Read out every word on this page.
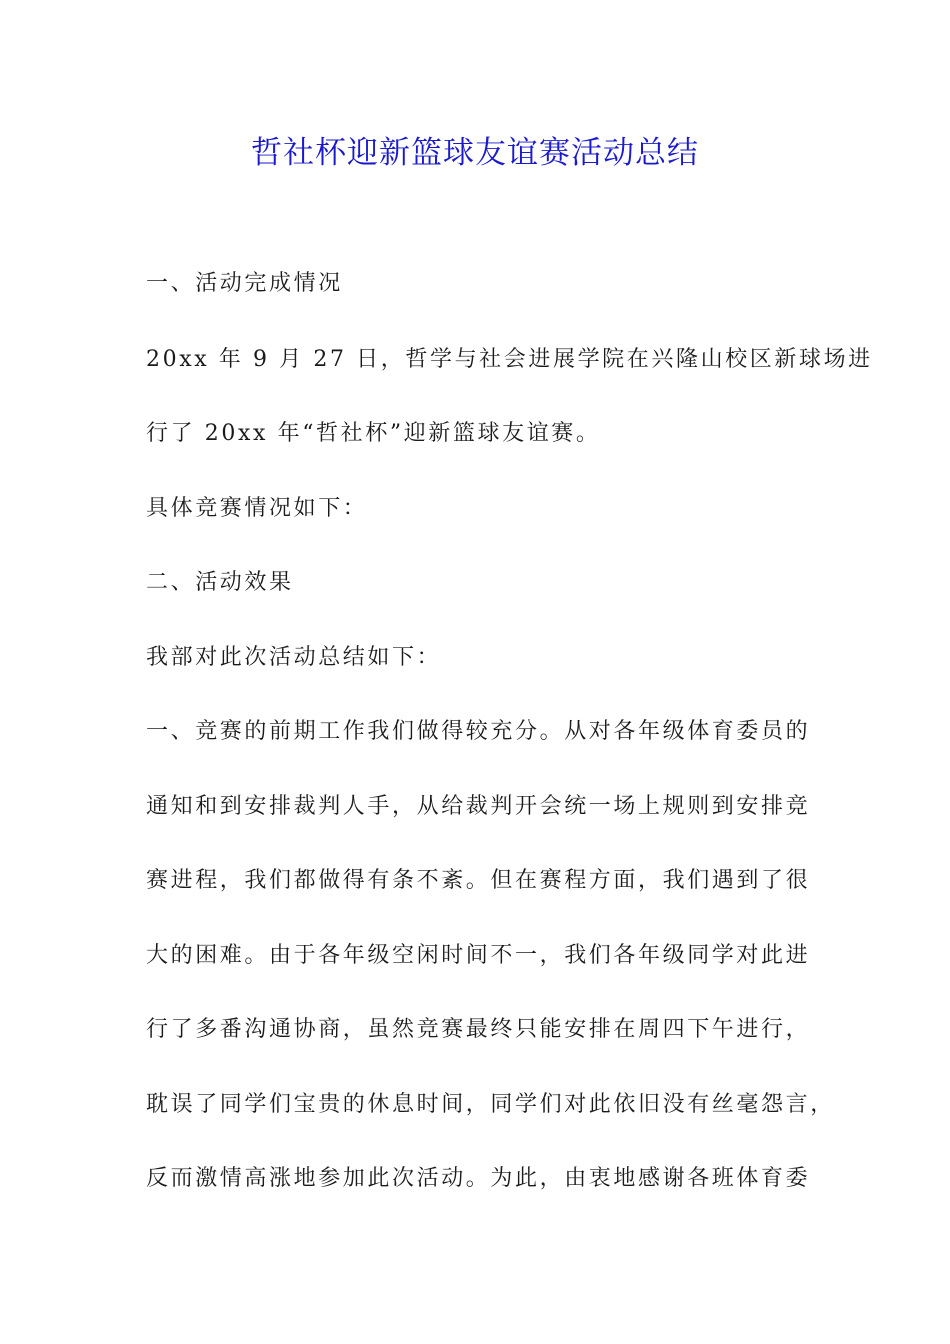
哲社杯迎新篮球友谊赛活动总结
一、活动完成情况
20xx 年 9 月 27 日，哲学与社会进展学院在兴隆山校区新球场进
行了 20xx 年“哲社杯”迎新篮球友谊赛。
具体竞赛情况如下：
二、活动效果
我部对此次活动总结如下：
一、竞赛的前期工作我们做得较充分。从对各年级体育委员的
通知和到安排裁判人手，从给裁判开会统一场上规则到安排竞
赛进程，我们都做得有条不紊。但在赛程方面，我们遇到了很
大的困难。由于各年级空闲时间不一，我们各年级同学对此进
行了多番沟通协商，虽然竞赛最终只能安排在周四下午进行，
耽误了同学们宝贵的休息时间，同学们对此依旧没有丝毫怨言，
反而激情高涨地参加此次活动。为此，由衷地感谢各班体育委
